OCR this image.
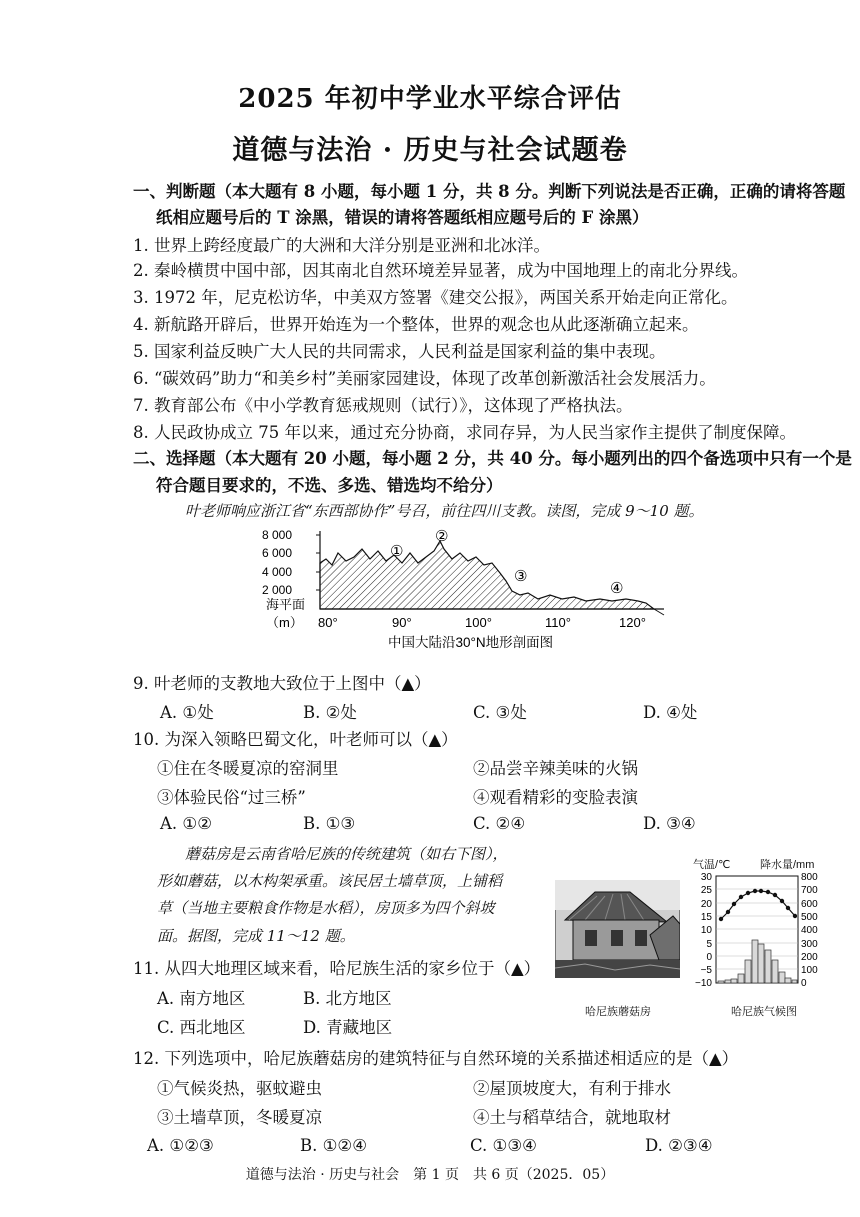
2025 年初中学业水平综合评估
道德与法治 · 历史与社会试题卷
一、判断题（本大题有 8 小题，每小题 1 分，共 8 分。判断下列说法是否正确，正确的请将答题
纸相应题号后的 T 涂黑，错误的请将答题纸相应题号后的 F 涂黑）
1. 世界上跨经度最广的大洲和大洋分别是亚洲和北冰洋。
2. 秦岭横贯中国中部，因其南北自然环境差异显著，成为中国地理上的南北分界线。
3. 1972 年，尼克松访华，中美双方签署《建交公报》，两国关系开始走向正常化。
4. 新航路开辟后，世界开始连为一个整体，世界的观念也从此逐渐确立起来。
5. 国家利益反映广大人民的共同需求，人民利益是国家利益的集中表现。
6. “碳效码”助力“和美乡村”美丽家园建设，体现了改革创新激活社会发展活力。
7. 教育部公布《中小学教育惩戒规则（试行）》，这体现了严格执法。
8. 人民政协成立 75 年以来，通过充分协商，求同存异，为人民当家作主提供了制度保障。
二、选择题（本大题有 20 小题，每小题 2 分，共 40 分。每小题列出的四个备选项中只有一个是
符合题目要求的，不选、多选、错选均不给分）
叶老师响应浙江省“东西部协作”号召，前往四川支教。读图，完成 9～10 题。
8 000
6 000
4 000
2 000
海平面
（m）
①
②
③
④
80°	90°	100°	110°	120°
中国大陆沿30°N地形剖面图
9. 叶老师的支教地大致位于上图中（▲）
A. ①处	B. ②处	C. ③处	D. ④处
10. 为深入领略巴蜀文化，叶老师可以（▲）
①住在冬暖夏凉的窑洞里	②品尝辛辣美味的火锅
③体验民俗“过三桥”	④观看精彩的变脸表演
A. ①②	B. ①③	C. ②④	D. ③④
蘑菇房是云南省哈尼族的传统建筑（如右下图），
形如蘑菇，以木构架承重。该民居土墙草顶，上铺稻
草（当地主要粮食作物是水稻），房顶多为四个斜坡
面。据图，完成 11～12 题。
哈尼族蘑菇房
气温/℃	降水量/mm
30
25
20
15
10
5
0
−5
−10
800
700
600
500
400
300
200
100
0
哈尼族气候图
11. 从四大地理区域来看，哈尼族生活的家乡位于（▲）
A. 南方地区	B. 北方地区
C. 西北地区	D. 青藏地区
12. 下列选项中，哈尼族蘑菇房的建筑特征与自然环境的关系描述相适应的是（▲）
①气候炎热，驱蚊避虫	②屋顶坡度大，有利于排水
③土墙草顶，冬暖夏凉	④土与稻草结合，就地取材
A. ①②③	B. ①②④	C. ①③④	D. ②③④
道德与法治 · 历史与社会　第 1 页　共 6 页（2025．05）
